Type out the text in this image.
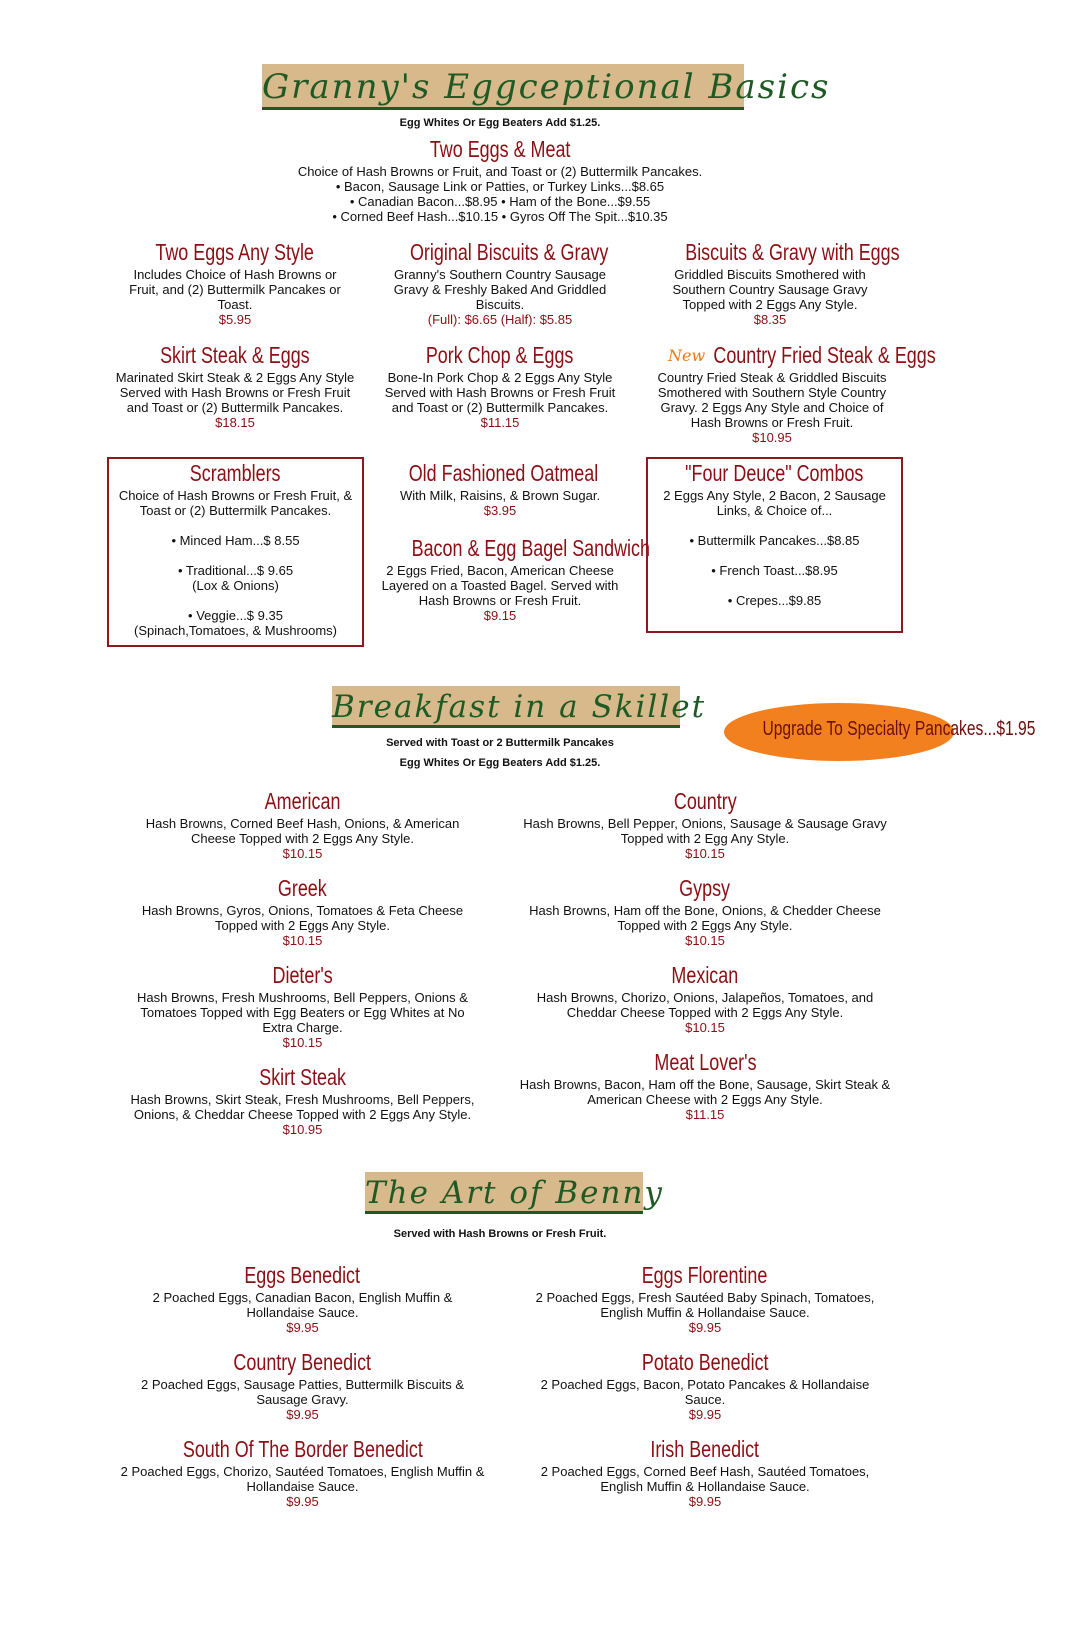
Granny's Eggceptional Basics
Egg Whites Or Egg Beaters Add $1.25.
Two Eggs & Meat
Choice of Hash Browns or Fruit, and Toast or (2) Buttermilk Pancakes.
• Bacon, Sausage Link or Patties, or Turkey Links...$8.65
• Canadian Bacon...$8.95 • Ham of the Bone...$9.55
• Corned Beef Hash...$10.15 • Gyros Off The Spit...$10.35
Two Eggs Any Style
Includes Choice of Hash Browns or Fruit, and (2) Buttermilk Pancakes or Toast.
$5.95
Original Biscuits & Gravy
Granny's Southern Country Sausage Gravy & Freshly Baked And Griddled Biscuits.
(Full): $6.65 (Half): $5.85
Biscuits & Gravy with Eggs
Griddled Biscuits Smothered with Southern Country Sausage Gravy Topped with 2 Eggs Any Style.
$8.35
Skirt Steak & Eggs
Marinated Skirt Steak & 2 Eggs Any Style Served with Hash Browns or Fresh Fruit and Toast or (2) Buttermilk Pancakes.
$18.15
Pork Chop & Eggs
Bone-In Pork Chop & 2 Eggs Any Style Served with Hash Browns or Fresh Fruit and Toast or (2) Buttermilk Pancakes.
$11.15
New Country Fried Steak & Eggs
Country Fried Steak & Griddled Biscuits Smothered with Southern Style Country Gravy. 2 Eggs Any Style and Choice of Hash Browns or Fresh Fruit.
$10.95
Scramblers
Choice of Hash Browns or Fresh Fruit, & Toast or (2) Buttermilk Pancakes.
• Minced Ham...$ 8.55
• Traditional...$ 9.65
(Lox & Onions)
• Veggie...$ 9.35
(Spinach,Tomatoes, & Mushrooms)
Old Fashioned Oatmeal
With Milk, Raisins, & Brown Sugar.
$3.95
Bacon & Egg Bagel Sandwich
2 Eggs Fried, Bacon, American Cheese Layered on a Toasted Bagel. Served with Hash Browns or Fresh Fruit.
$9.15
"Four Deuce" Combos
2 Eggs Any Style, 2 Bacon, 2 Sausage Links, & Choice of...
• Buttermilk Pancakes...$8.85
• French Toast...$8.95
• Crepes...$9.85
Breakfast in a Skillet
Upgrade To Specialty Pancakes...$1.95
Served with Toast or 2 Buttermilk Pancakes
Egg Whites Or Egg Beaters Add $1.25.
American
Hash Browns, Corned Beef Hash, Onions, & American Cheese Topped with 2 Eggs Any Style.
$10.15
Country
Hash Browns, Bell Pepper, Onions, Sausage & Sausage Gravy Topped with 2 Egg Any Style.
$10.15
Greek
Hash Browns, Gyros, Onions, Tomatoes & Feta Cheese Topped with 2 Eggs Any Style.
$10.15
Gypsy
Hash Browns, Ham off the Bone, Onions, & Chedder Cheese Topped with 2 Eggs Any Style.
$10.15
Dieter's
Hash Browns, Fresh Mushrooms, Bell Peppers, Onions & Tomatoes Topped with Egg Beaters or Egg Whites at No Extra Charge.
$10.15
Mexican
Hash Browns, Chorizo, Onions, Jalapeños, Tomatoes, and Cheddar Cheese Topped with 2 Eggs Any Style.
$10.15
Skirt Steak
Hash Browns, Skirt Steak, Fresh Mushrooms, Bell Peppers, Onions, & Cheddar Cheese Topped with 2 Eggs Any Style.
$10.95
Meat Lover's
Hash Browns, Bacon, Ham off the Bone, Sausage, Skirt Steak & American Cheese with 2 Eggs Any Style.
$11.15
The Art of Benny
Served with Hash Browns or Fresh Fruit.
Eggs Benedict
2 Poached Eggs, Canadian Bacon, English Muffin & Hollandaise Sauce.
$9.95
Eggs Florentine
2 Poached Eggs, Fresh Sautéed Baby Spinach, Tomatoes, English Muffin & Hollandaise Sauce.
$9.95
Country Benedict
2 Poached Eggs, Sausage Patties, Buttermilk Biscuits & Sausage Gravy.
$9.95
Potato Benedict
2 Poached Eggs, Bacon, Potato Pancakes & Hollandaise Sauce.
$9.95
South Of The Border Benedict
2 Poached Eggs, Chorizo, Sautéed Tomatoes, English Muffin & Hollandaise Sauce.
$9.95
Irish Benedict
2 Poached Eggs, Corned Beef Hash, Sautéed Tomatoes, English Muffin & Hollandaise Sauce.
$9.95
